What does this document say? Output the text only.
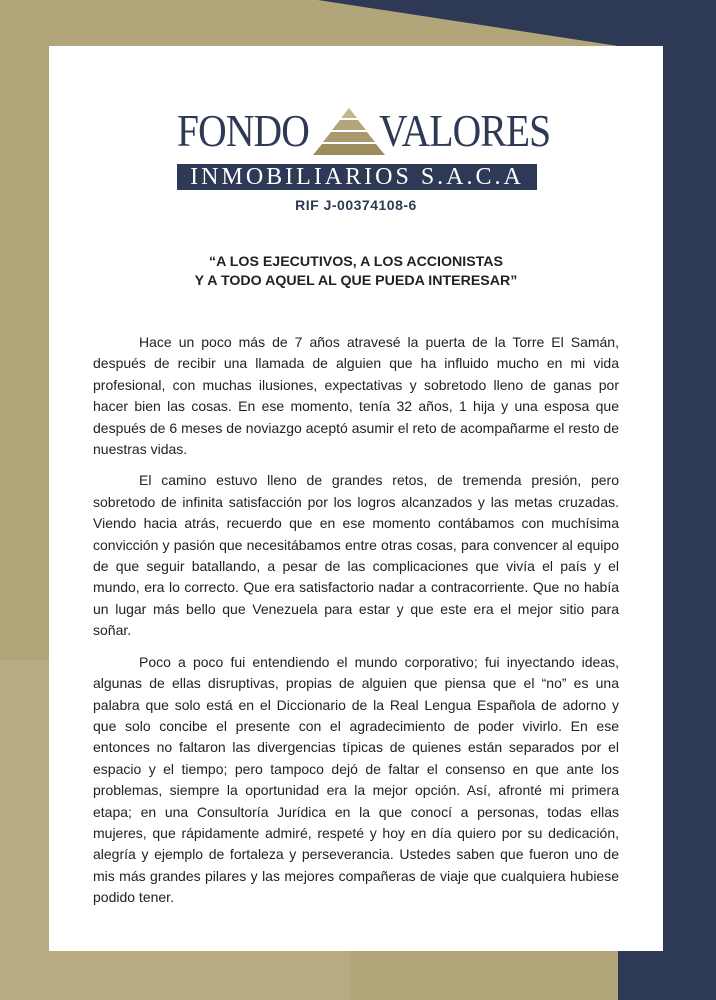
FONDO VALORES
INMOBILIARIOS S.A.C.A
RIF J-00374108-6
“A LOS EJECUTIVOS, A LOS ACCIONISTAS
Y A TODO AQUEL AL QUE PUEDA INTERESAR”

Hace un poco más de 7 años atravesé la puerta de la Torre El Samán, después de recibir una llamada de alguien que ha influido mucho en mi vida profesional, con muchas ilusiones, expectativas y sobretodo lleno de ganas por hacer bien las cosas. En ese momento, tenía 32 años, 1 hija y una esposa que después de 6 meses de noviazgo aceptó asumir el reto de acompañarme el resto de nuestras vidas.

El camino estuvo lleno de grandes retos, de tremenda presión, pero sobretodo de infinita satisfacción por los logros alcanzados y las metas cruzadas. Viendo hacia atrás, recuerdo que en ese momento contábamos con muchísima convicción y pasión que necesitábamos entre otras cosas, para convencer al equipo de que seguir batallando, a pesar de las complicaciones que vivía el país y el mundo, era lo correcto. Que era satisfactorio nadar a contracorriente. Que no había un lugar más bello que Venezuela para estar y que este era el mejor sitio para soñar.

Poco a poco fui entendiendo el mundo corporativo; fui inyectando ideas, algunas de ellas disruptivas, propias de alguien que piensa que el “no” es una palabra que solo está en el Diccionario de la Real Lengua Española de adorno y que solo concibe el presente con el agradecimiento de poder vivirlo. En ese entonces no faltaron las divergencias típicas de quienes están separados por el espacio y el tiempo; pero tampoco dejó de faltar el consenso en que ante los problemas, siempre la oportunidad era la mejor opción. Así, afronté mi primera etapa; en una Consultoría Jurídica en la que conocí a personas, todas ellas mujeres, que rápidamente admiré, respeté y hoy en día quiero por su dedicación, alegría y ejemplo de fortaleza y perseverancia. Ustedes saben que fueron uno de mis más grandes pilares y las mejores compañeras de viaje que cualquiera hubiese podido tener.
